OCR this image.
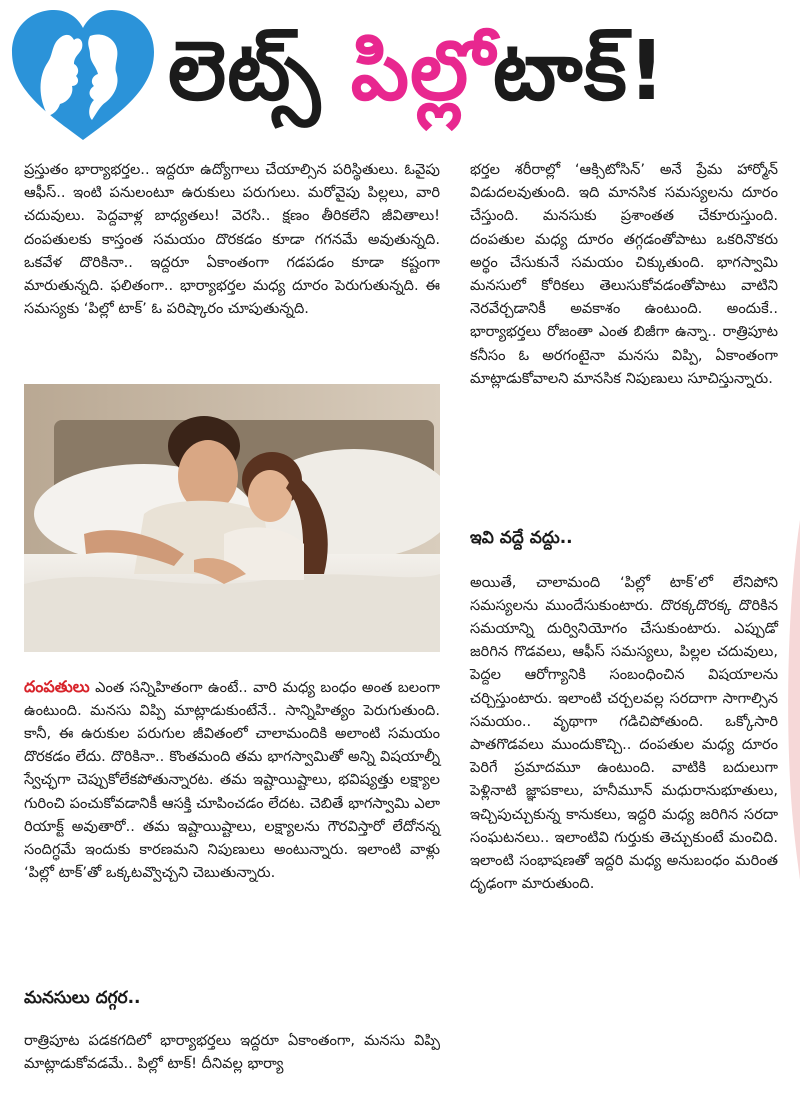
లెట్స్ పిల్లోటాక్!

ప్రస్తుతం భార్యాభర్తల.. ఇద్దరూ ఉద్యోగాలు చేయాల్సిన పరిస్థితులు. ఓవైపు ఆఫీస్.. ఇంటి పనులంటూ ఉరుకులు పరుగులు. మరోవైపు పిల్లలు, వారి చదువులు. పెద్దవాళ్ల బాధ్యతలు! వెరసి.. క్షణం తీరికలేని జీవితాలు! దంపతులకు కాస్తంత సమయం దొరకడం కూడా గగనమే అవుతున్నది. ఒకవేళ దొరికినా.. ఇద్దరూ ఏకాంతంగా గడపడం కూడా కష్టంగా మారుతున్నది. ఫలితంగా.. భార్యాభర్తల మధ్య దూరం పెరుగుతున్నది. ఈ సమస్యకు ‘పిల్లో టాక్’ ఓ పరిష్కారం చూపుతున్నది.

దంపతులు ఎంత సన్నిహితంగా ఉంటే.. వారి మధ్య బంధం అంత బలంగా ఉంటుంది. మనసు విప్పి మాట్లాడుకుంటేనే.. సాన్నిహిత్యం పెరుగుతుంది. కానీ, ఈ ఉరుకుల పరుగుల జీవితంలో చాలామందికి అలాంటి సమయం దొరకడం లేదు. దొరికినా.. కొంతమంది తమ భాగస్వామితో అన్ని విషయాల్నీ స్వేచ్ఛగా చెప్పుకోలేకపోతున్నారట. తమ ఇష్టాయిష్టాలు, భవిష్యత్తు లక్ష్యాల గురించి పంచుకోవడానికీ ఆసక్తి చూపించడం లేదట. చెబితే భాగస్వామి ఎలా రియాక్ట్ అవుతారో.. తమ ఇష్టాయిష్టాలు, లక్ష్యాలను గౌరవిస్తారో లేదోనన్న సందిగ్ధమే ఇందుకు కారణమని నిపుణులు అంటున్నారు. ఇలాంటి వాళ్లు ‘పిల్లో టాక్’తో ఒక్కటవ్వొచ్చని చెబుతున్నారు.

మనసులు దగ్గర..

రాత్రిపూట పడకగదిలో భార్యాభర్తలు ఇద్దరూ ఏకాంతంగా, మనసు విప్పి మాట్లాడుకోవడమే.. పిల్లో టాక్! దీనివల్ల భార్యా

భర్తల శరీరాల్లో ‘ఆక్సిటోసిన్’ అనే ప్రేమ హార్మోన్ విడుదలవుతుంది. ఇది మానసిక సమస్యలను దూరం చేస్తుంది. మనసుకు ప్రశాంతత చేకూరుస్తుంది. దంపతుల మధ్య దూరం తగ్గడంతోపాటు ఒకరినొకరు అర్థం చేసుకునే సమయం చిక్కుతుంది. భాగస్వామి మనసులో కోరికలు తెలుసుకోవడంతోపాటు వాటిని నెరవేర్చడానికీ అవకాశం ఉంటుంది. అందుకే.. భార్యాభర్తలు రోజంతా ఎంత బిజీగా ఉన్నా.. రాత్రిపూట కనీసం ఓ అరగంటైనా మనసు విప్పి, ఏకాంతంగా మాట్లాడుకోవాలని మానసిక నిపుణులు సూచిస్తున్నారు.

ఇవి వద్దే వద్దు..

అయితే, చాలామంది ‘పిల్లో టాక్’లో లేనిపోని సమస్యలను ముందేసుకుంటారు. దొరక్కదొరక్క దొరికిన సమయాన్ని దుర్వినియోగం చేసుకుంటారు. ఎప్పుడో జరిగిన గొడవలు, ఆఫీస్ సమస్యలు, పిల్లల చదువులు, పెద్దల ఆరోగ్యానికి సంబంధించిన విషయాలను చర్చిస్తుంటారు. ఇలాంటి చర్చలవల్ల సరదాగా సాగాల్సిన సమయం.. వృథాగా గడిచిపోతుంది. ఒక్కోసారి పాతగొడవలు ముందుకొచ్చి.. దంపతుల మధ్య దూరం పెరిగే ప్రమాదమూ ఉంటుంది. వాటికి బదులుగా పెళ్లినాటి జ్ఞాపకాలు, హనీమూన్ మధురానుభూతులు, ఇచ్చిపుచ్చుకున్న కానుకలు, ఇద్దరి మధ్య జరిగిన సరదా సంఘటనలు.. ఇలాంటివి గుర్తుకు తెచ్చుకుంటే మంచిది. ఇలాంటి సంభాషణతో ఇద్దరి మధ్య అనుబంధం మరింత దృఢంగా మారుతుంది.
